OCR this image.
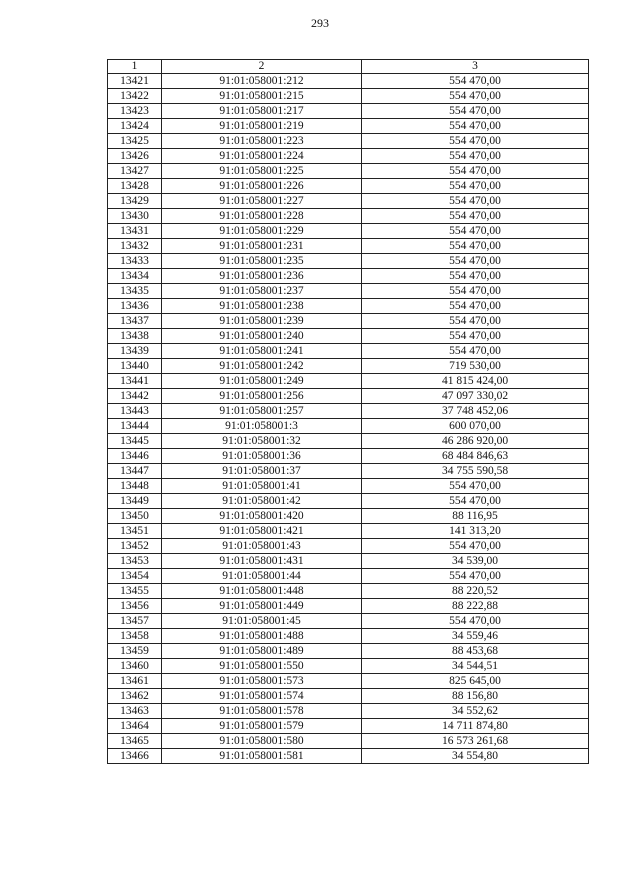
293
1	2	3
13421	91:01:058001:212	554 470,00
13422	91:01:058001:215	554 470,00
13423	91:01:058001:217	554 470,00
13424	91:01:058001:219	554 470,00
13425	91:01:058001:223	554 470,00
13426	91:01:058001:224	554 470,00
13427	91:01:058001:225	554 470,00
13428	91:01:058001:226	554 470,00
13429	91:01:058001:227	554 470,00
13430	91:01:058001:228	554 470,00
13431	91:01:058001:229	554 470,00
13432	91:01:058001:231	554 470,00
13433	91:01:058001:235	554 470,00
13434	91:01:058001:236	554 470,00
13435	91:01:058001:237	554 470,00
13436	91:01:058001:238	554 470,00
13437	91:01:058001:239	554 470,00
13438	91:01:058001:240	554 470,00
13439	91:01:058001:241	554 470,00
13440	91:01:058001:242	719 530,00
13441	91:01:058001:249	41 815 424,00
13442	91:01:058001:256	47 097 330,02
13443	91:01:058001:257	37 748 452,06
13444	91:01:058001:3	600 070,00
13445	91:01:058001:32	46 286 920,00
13446	91:01:058001:36	68 484 846,63
13447	91:01:058001:37	34 755 590,58
13448	91:01:058001:41	554 470,00
13449	91:01:058001:42	554 470,00
13450	91:01:058001:420	88 116,95
13451	91:01:058001:421	141 313,20
13452	91:01:058001:43	554 470,00
13453	91:01:058001:431	34 539,00
13454	91:01:058001:44	554 470,00
13455	91:01:058001:448	88 220,52
13456	91:01:058001:449	88 222,88
13457	91:01:058001:45	554 470,00
13458	91:01:058001:488	34 559,46
13459	91:01:058001:489	88 453,68
13460	91:01:058001:550	34 544,51
13461	91:01:058001:573	825 645,00
13462	91:01:058001:574	88 156,80
13463	91:01:058001:578	34 552,62
13464	91:01:058001:579	14 711 874,80
13465	91:01:058001:580	16 573 261,68
13466	91:01:058001:581	34 554,80
